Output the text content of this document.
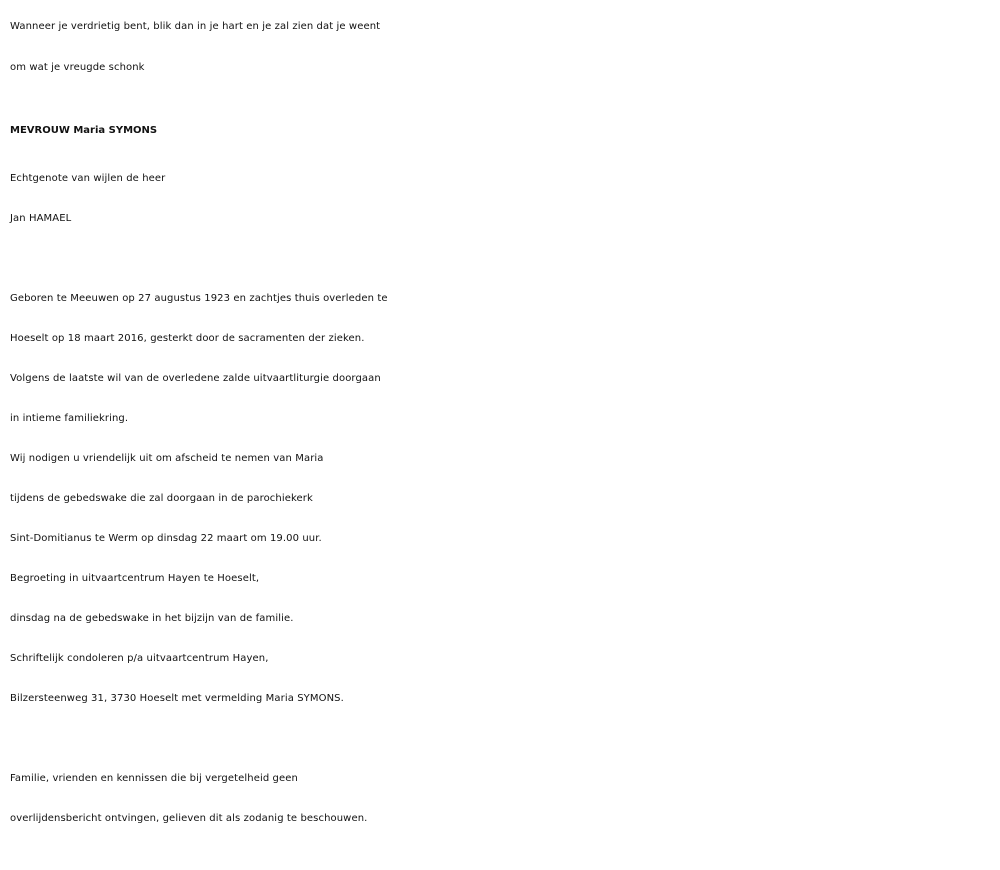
Wanneer je verdrietig bent, blik dan in je hart en je zal zien dat je weent
om wat je vreugde schonk
MEVROUW Maria SYMONS
Echtgenote van wijlen de heer
Jan HAMAEL
Geboren te Meeuwen op 27 augustus 1923 en zachtjes thuis overleden te
Hoeselt op 18 maart 2016, gesterkt door de sacramenten der zieken.
Volgens de laatste wil van de overledene zalde uitvaartliturgie doorgaan
in intieme familiekring.
Wij nodigen u vriendelijk uit om afscheid te nemen van Maria
tijdens de gebedswake die zal doorgaan in de parochiekerk
Sint-Domitianus te Werm op dinsdag 22 maart om 19.00 uur.
Begroeting in uitvaartcentrum Hayen te Hoeselt,
dinsdag na de gebedswake in het bijzijn van de familie.
Schriftelijk condoleren p/a uitvaartcentrum Hayen,
Bilzersteenweg 31, 3730 Hoeselt met vermelding Maria SYMONS.
Familie, vrienden en kennissen die bij vergetelheid geen
overlijdensbericht ontvingen, gelieven dit als zodanig te beschouwen.
